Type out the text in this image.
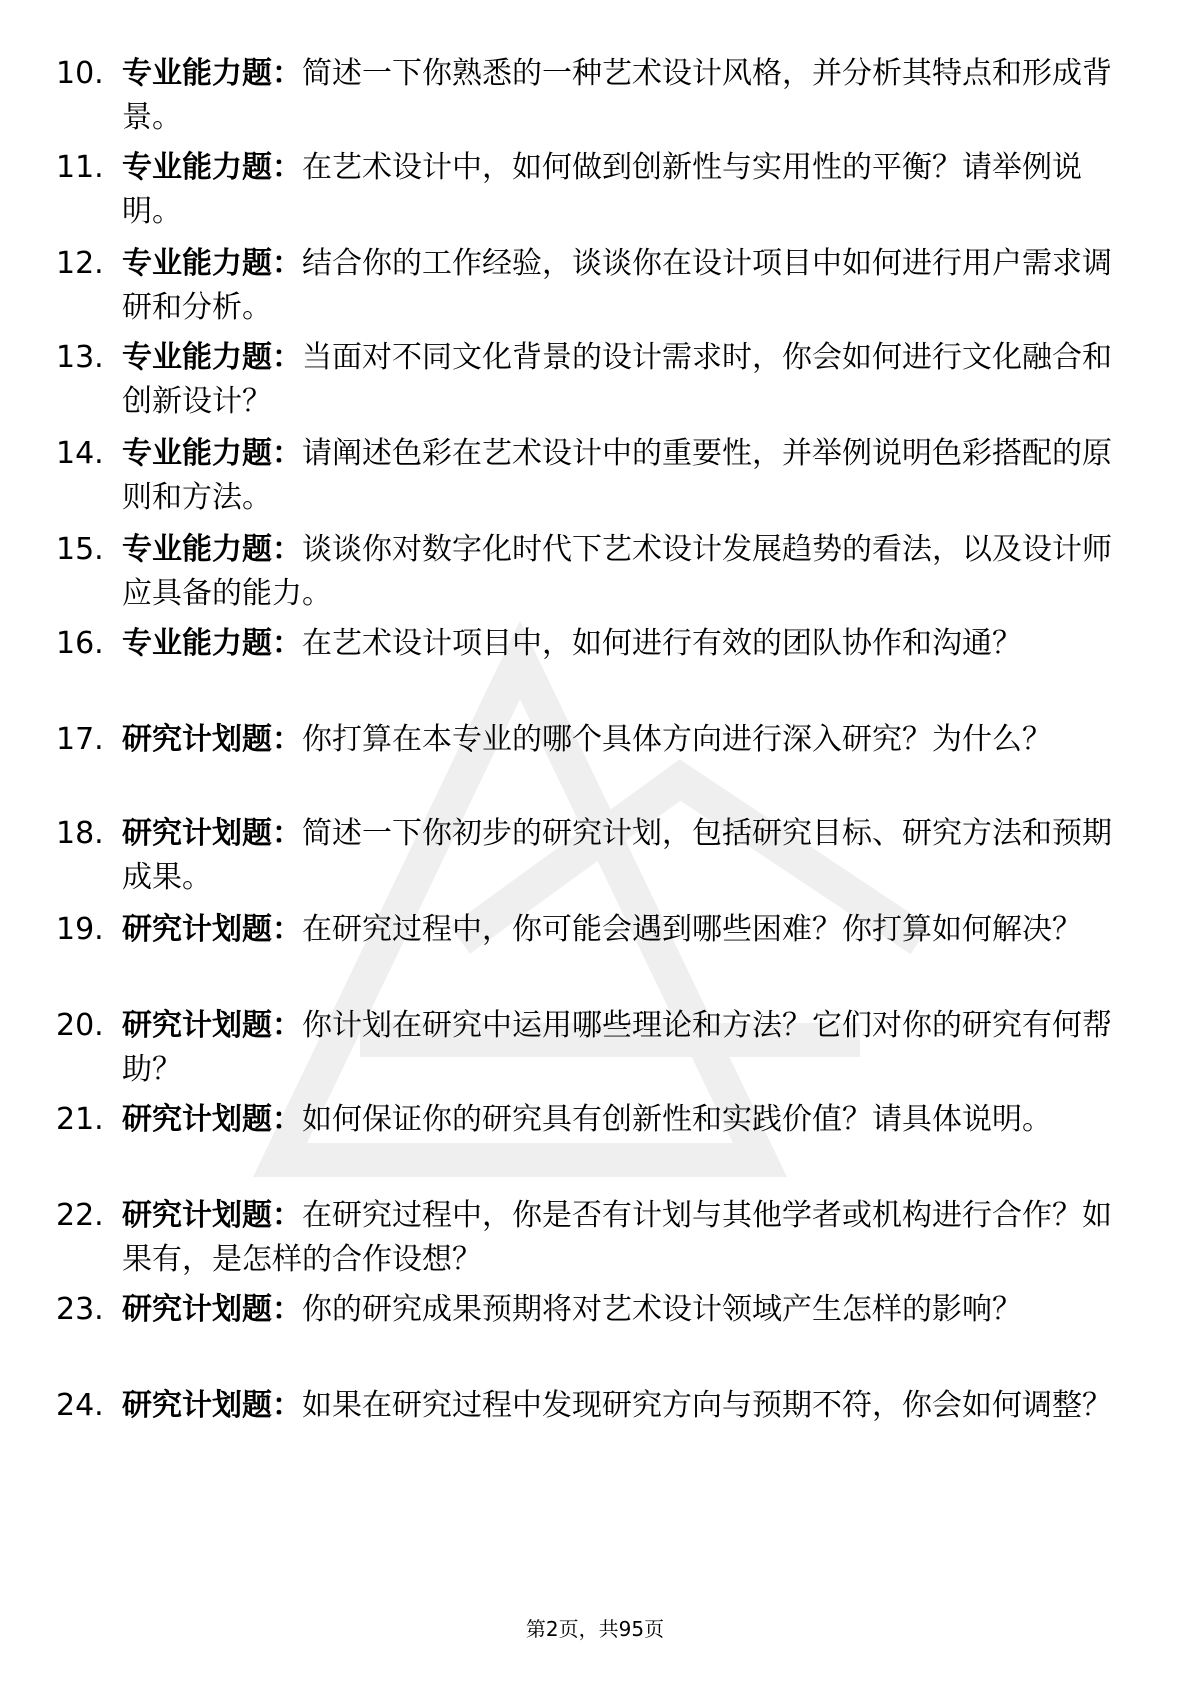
10. 专业能力题：简述一下你熟悉的一种艺术设计风格，并分析其特点和形成背景。

11. 专业能力题：在艺术设计中，如何做到创新性与实用性的平衡？请举例说明。

12. 专业能力题：结合你的工作经验，谈谈你在设计项目中如何进行用户需求调研和分析。

13. 专业能力题：当面对不同文化背景的设计需求时，你会如何进行文化融合和创新设计？

14. 专业能力题：请阐述色彩在艺术设计中的重要性，并举例说明色彩搭配的原则和方法。

15. 专业能力题：谈谈你对数字化时代下艺术设计发展趋势的看法，以及设计师应具备的能力。

16. 专业能力题：在艺术设计项目中，如何进行有效的团队协作和沟通？

17. 研究计划题：你打算在本专业的哪个具体方向进行深入研究？为什么？

18. 研究计划题：简述一下你初步的研究计划，包括研究目标、研究方法和预期成果。

19. 研究计划题：在研究过程中，你可能会遇到哪些困难？你打算如何解决？

20. 研究计划题：你计划在研究中运用哪些理论和方法？它们对你的研究有何帮助？

21. 研究计划题：如何保证你的研究具有创新性和实践价值？请具体说明。

22. 研究计划题：在研究过程中，你是否有计划与其他学者或机构进行合作？如果有，是怎样的合作设想？

23. 研究计划题：你的研究成果预期将对艺术设计领域产生怎样的影响？

24. 研究计划题：如果在研究过程中发现研究方向与预期不符，你会如何调整？

第2页，共95页
